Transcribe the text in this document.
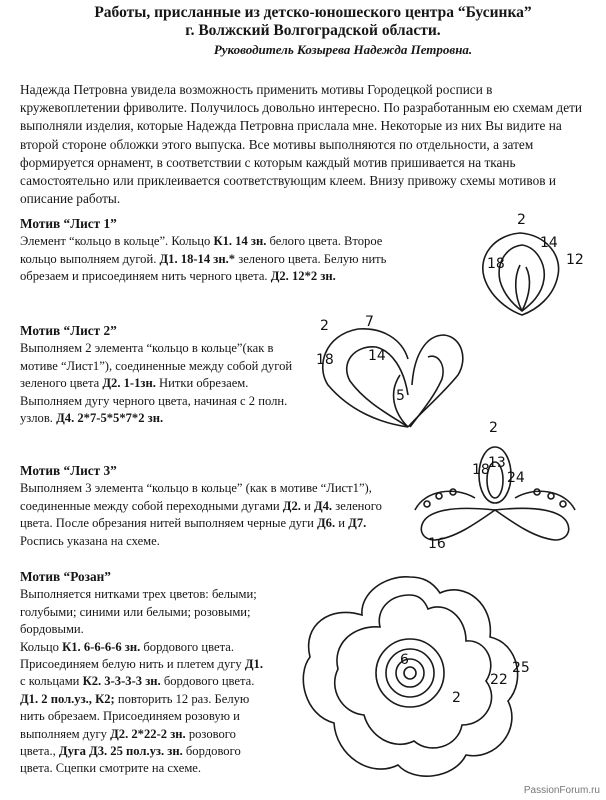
Работы, присланные из детско-юношеского центра “Бусинка”
г. Волжский Волгоградской области.
Руководитель Козырева Надежда Петровна.
Надежда Петровна увидела возможность применить мотивы Городецкой росписи в кружевоплетении фриволите. Получилось довольно интересно. По разработанным ею схемам дети выполняли изделия, которые Надежда Петровна прислала мне. Некоторые из них Вы видите на второй стороне обложки этого выпуска. Все мотивы выполняются по отдельности, а затем формируется орнамент, в соответствии с которым каждый мотив пришивается на ткань самостоятельно или приклеивается соответствующим клеем. Внизу привожу схемы мотивов и описание работы.
Мотив “Лист 1”

Элемент “кольцо в кольце”. Кольцо К1. 14 зн. белого цвета. Второе кольцо выполняем дугой. Д1. 18-14 зн.* зеленого цвета. Белую нить обрезаем и присоединяем нить черного цвета. Д2. 12*2 зн.

Мотив “Лист 2”

Выполняем 2 элемента “кольцо в кольце”(как в мотиве “Лист1”), соединенные между собой дугой зеленого цвета Д2. 1-1зн. Нитки обрезаем. Выполняем дугу черного цвета, начиная с 2 полн. узлов. Д4. 2*7-5*5*7*2 зн.

Мотив “Лист 3”

Выполняем 3 элемента “кольцо в кольце” (как в мотиве “Лист1”), соединенные между собой переходными дугами Д2. и Д4. зеленого цвета. После обрезания нитей выполняем черные дуги Д6. и Д7. Роспись указана на схеме.

Мотив “Розан”

Выполняется нитками трех цветов: белыми; голубыми; синими или белыми; розовыми; бордовыми.
Кольцо К1. 6-6-6-6 зн. бордового цвета. Присоединяем белую нить и плетем дугу Д1. с кольцами К2. 3-3-3-3 зн. бордового цвета. Д1. 2 пол.уз., К2; повторить 12 раз. Белую нить обрезаем. Присоединяем розовую и выполняем дугу Д2. 2*22-2 зн. розового цвета., Дуга Д3. 25 пол.уз. зн. бордового цвета. Сцепки смотрите на схеме.

2
14
18	12
2	7
18 14
5
2
18
13
24
16
6
2
22
25
PassionForum.ru
